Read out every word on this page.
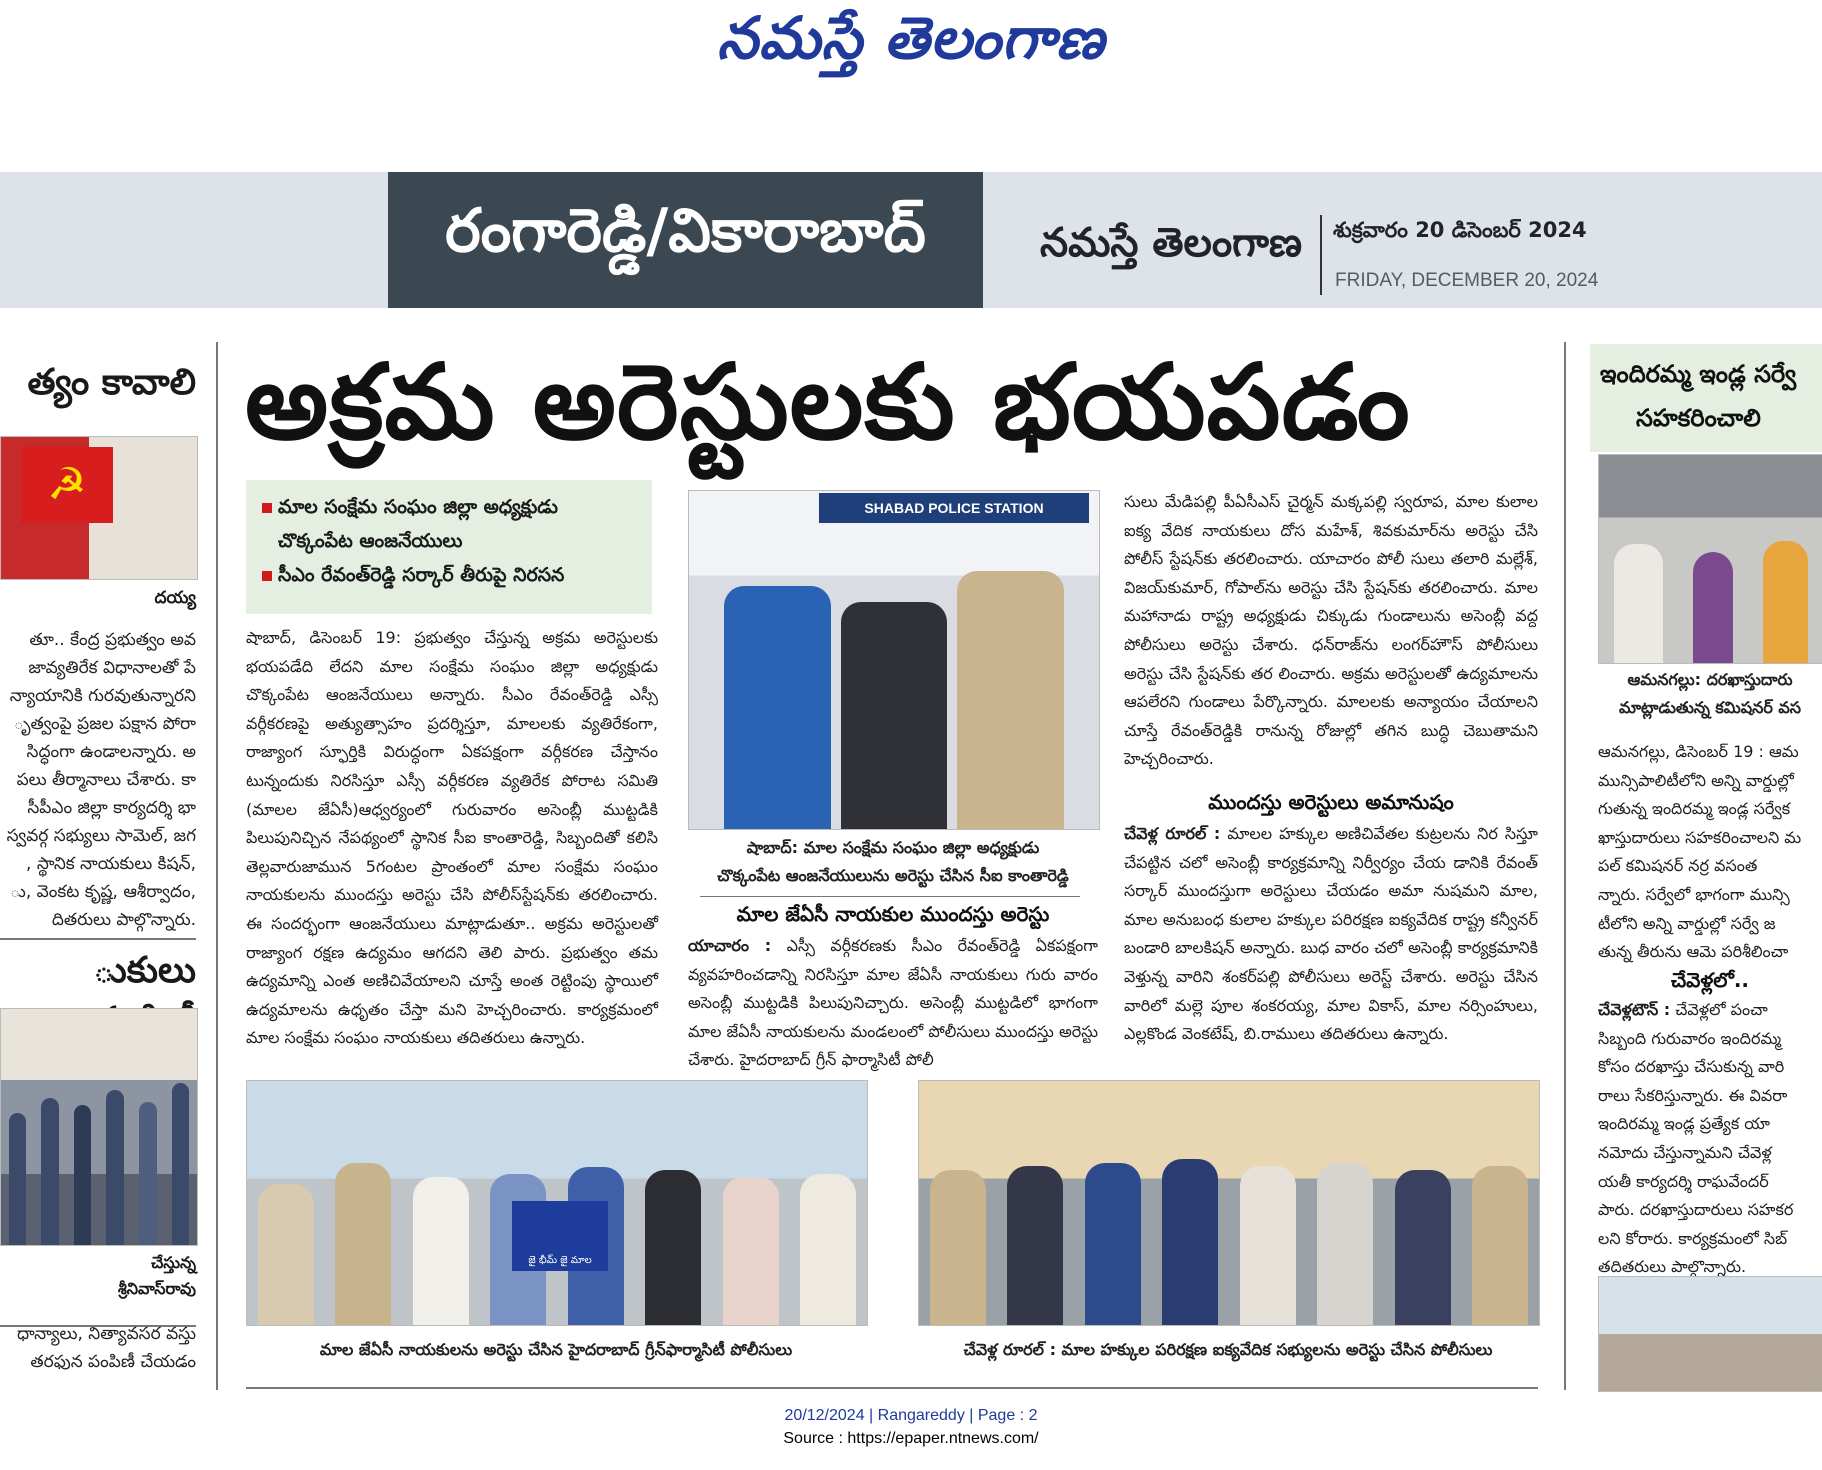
నమస్తే తెలంగాణ
రంగారెడ్డి/వికారాబాద్	నమస్తే తెలంగాణ శుక్రవారం 20 డిసెంబర్ 2024
FRIDAY, DECEMBER 20, 2024
త్యం కావాలి
☭
దయ్య
తూ.. కేంద్ర ప్రభుత్వం అవ
జావ్యతిరేక విధానాలతో పే
న్యాయానికి గురవుతున్నారని
ృత్వంపై ప్రజల పక్షాన పోరా
సిద్ధంగా ఉండాలన్నారు. అ
పలు తీర్మానాలు చేశారు. కా
సీపీఎం జిల్లా కార్యదర్శి భా
స్వవర్గ సభ్యులు సామెల్, జగ
, స్థానిక నాయకులు కిషన్,
ు, వెంకట కృష్ణ, ఆశీర్వాదం,
దితరులు పాల్గొన్నారు.
ుకులు
చేస్తున్న
శ్రీనివాస్‌రావు
ధాన్యాలు, నిత్యావసర వస్తు
తరఫున పంపిణీ చేయడం
అక్రమ అరెస్టులకు భయపడం
మాల సంక్షేమ సంఘం జిల్లా అధ్యక్షుడు
చొక్కంపేట ఆంజనేయులు
సీఎం రేవంత్‌రెడ్డి సర్కార్‌ తీరుపై నిరసన

షాబాద్‌, డిసెంబర్‌ 19: ప్రభుత్వం చేస్తున్న అక్రమ అరెస్టులకు భయపడేది లేదని మాల సంక్షేమ సంఘం జిల్లా అధ్యక్షుడు చొక్కంపేట ఆంజనేయులు అన్నారు. సీఎం రేవంత్‌రెడ్డి ఎస్సీ వర్గీకరణపై అత్యుత్సాహం ప్రదర్శిస్తూ, మాలలకు వ్యతిరేకంగా, రాజ్యాంగ స్ఫూర్తికి విరుద్ధంగా ఏకపక్షంగా వర్గీకరణ చేస్తానం టున్నందుకు నిరసిస్తూ ఎస్సీ వర్గీకరణ వ్యతిరేక పోరాట సమితి (మాలల జేఏసీ)ఆధ్వర్యంలో గురువారం అసెంబ్లీ ముట్టడికి పిలుపునిచ్చిన నేపథ్యంలో స్థానిక సీఐ కాంతారెడ్డి, సిబ్బందితో కలిసి తెల్లవారుజామున 5గంటల ప్రాంతంలో మాల సంక్షేమ సంఘం నాయకులను ముందస్తు అరెస్టు చేసి పోలీస్‌స్టేషన్‌కు తరలించారు. ఈ సందర్భంగా ఆంజనేయులు మాట్లాడుతూ.. అక్రమ అరెస్టులతో రాజ్యాంగ రక్షణ ఉద్యమం ఆగదని తెలి పారు. ప్రభుత్వం తమ ఉద్యమాన్ని ఎంత అణిచివేయాలని చూస్తే అంత రెట్టింపు స్థాయిలో ఉద్యమాలను ఉధృతం చేస్తా మని హెచ్చరించారు. కార్యక్రమంలో మాల సంక్షేమ సంఘం నాయకులు తదితరులు ఉన్నారు.

SHABAD POLICE STATION
షాబాద్‌: మాల సంక్షేమ సంఘం జిల్లా అధ్యక్షుడు
చొక్కంపేట ఆంజనేయులును అరెస్టు చేసిన సీఐ కాంతారెడ్డి
మాల జేఏసీ నాయకుల ముందస్తు అరెస్టు

యాచారం : ఎస్సీ వర్గీకరణకు సీఎం రేవంత్‌రెడ్డి ఏకపక్షంగా వ్యవహరించడాన్ని నిరసిస్తూ మాల జేఏసీ నాయకులు గురు వారం అసెంబ్లీ ముట్టడికి పిలుపునిచ్చారు. అసెంబ్లీ ముట్టడిలో భాగంగా మాల జేఏసీ నాయకులను మండలంలో పోలీసులు ముందస్తు అరెస్టు చేశారు. హైదరాబాద్‌ గ్రీన్‌ ఫార్మాసిటీ పోలీ

సులు మేడిపల్లి పీఏసీఎస్‌ చైర్మన్‌ మక్కపల్లి స్వరూప, మాల కులాల ఐక్య వేదిక నాయకులు దోస మహేశ్‌, శివకుమార్‌ను అరెస్టు చేసి పోలీస్‌ స్టేషన్‌కు తరలించారు. యాచారం పోలీ సులు తలారి మల్లేశ్‌, విజయ్‌కుమార్‌, గోపాల్‌ను అరెస్టు చేసి స్టేషన్‌కు తరలించారు. మాల మహానాడు రాష్ట్ర అధ్యక్షుడు చిక్కుడు గుండాలును అసెంబ్లీ వద్ద పోలీసులు అరెస్టు చేశారు. ధన్‌రాజ్‌ను లంగర్‌హౌస్‌ పోలీసులు అరెస్టు చేసి స్టేషన్‌కు తర లించారు. అక్రమ అరెస్టులతో ఉద్యమాలను ఆపలేరని గుండాలు పేర్కొన్నారు. మాలలకు అన్యాయం చేయాలని చూస్తే రేవంత్‌రెడ్డికి రానున్న రోజుల్లో తగిన బుద్ధి చెబుతామని హెచ్చరించారు.

ముందస్తు అరెస్టులు అమానుషం

చేవెళ్ల రూరల్‌ : మాలల హక్కుల అణిచివేతల కుట్రలను నిర సిస్తూ చేపట్టిన చలో అసెంబ్లీ కార్యక్రమాన్ని నిర్వీర్యం చేయ డానికి రేవంత్‌ సర్కార్‌ ముందస్తుగా అరెస్టులు చేయడం అమా నుషమని మాల, మాల అనుబంధ కులాల హక్కుల పరిరక్షణ ఐక్యవేదిక రాష్ట్ర కన్వీనర్‌ బండారి బాలకిషన్‌ అన్నారు. బుధ వారం చలో అసెంబ్లీ కార్యక్రమానికి వెళ్తున్న వారిని శంకర్‌పల్లి పోలీసులు అరెస్ట్‌ చేశారు. అరెస్టు చేసిన వారిలో మల్లె పూల శంకరయ్య, మాల వికాస్‌, మాల నర్సింహులు, ఎల్లకొండ వెంకటేష్‌, బి.రాములు తదితరులు ఉన్నారు.

జై భీమ్ జై మాల
మాల జేఏసీ నాయకులను అరెస్టు చేసిన హైదరాబాద్‌ గ్రీన్‌ఫార్మాసిటీ పోలీసులు	చేవెళ్ల రూరల్‌ : మాల హక్కుల పరిరక్షణ ఐక్యవేదిక సభ్యులను అరెస్టు చేసిన పోలీసులు
ఇందిరమ్మ ఇండ్ల సర్వే
సహకరించాలి
ఆమనగల్లు: దరఖాస్తుదారు
మాట్లాడుతున్న కమిషనర్ వస
ఆమనగల్లు, డిసెంబర్ 19 : ఆమ
మున్సిపాలిటీలోని అన్ని వార్డుల్లో
గుతున్న ఇందిరమ్మ ఇండ్ల సర్వేక
ఖాస్తుదారులు సహకరించాలని మ
పల్ కమిషనర్ నర్ర వసంత
న్నారు. సర్వేలో భాగంగా మున్సి
టీలోని అన్ని వార్డుల్లో సర్వే జ
తున్న తీరును ఆమె పరిశీలించా
చేవెళ్లలో..
చేవెళ్లటౌన్ : చేవెళ్లలో పంచా
సిబ్బంది గురువారం ఇందిరమ్మ
కోసం దరఖాస్తు చేసుకున్న వారి
రాలు సేకరిస్తున్నారు. ఈ వివరా
ఇందిరమ్మ ఇండ్ల ప్రత్యేక యా
నమోదు చేస్తున్నామని చేవెళ్ల
యతీ కార్యదర్శి రాఘవేందర్
పారు. దరఖాస్తుదారులు సహకర
లని కోరారు. కార్యక్రమంలో సిబ్
తదితరులు పాల్గొన్నారు.
20/12/2024 | Rangareddy | Page : 2
Source : https://epaper.ntnews.com/
